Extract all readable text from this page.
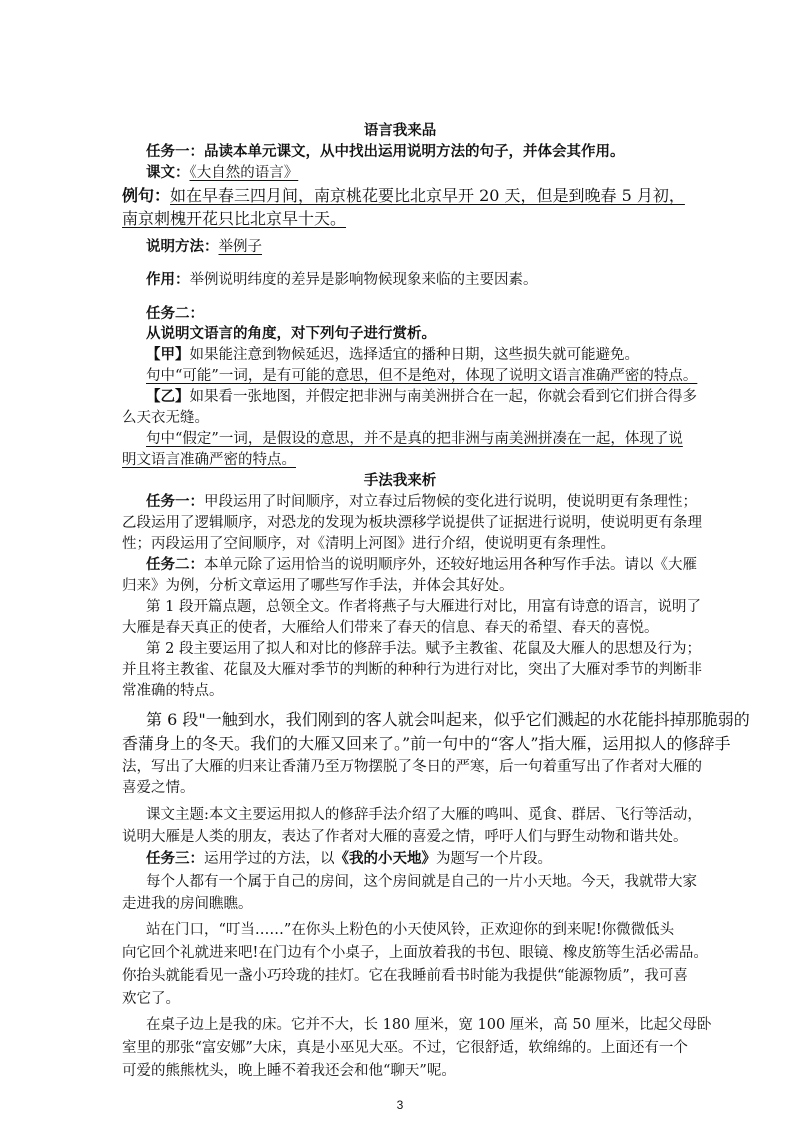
语言我来品
任务一：品读本单元课文，从中找出运用说明方法的句子，并体会其作用。
课文：《大自然的语言》
例句：如在早春三四月间，南京桃花要比北京早开 20 天，但是到晚春 5 月初，
南京刺槐开花只比北京早十天。
说明方法：举例子
作用：举例说明纬度的差异是影响物候现象来临的主要因素。
任务二：
从说明文语言的角度，对下列句子进行赏析。
【甲】如果能注意到物候延迟，选择适宜的播种日期，这些损失就可能避免。
句中“可能”一词，是有可能的意思，但不是绝对，体现了说明文语言准确严密的特点。
【乙】如果看一张地图，并假定把非洲与南美洲拼合在一起，你就会看到它们拼合得多
么天衣无缝。
句中“假定”一词，是假设的意思，并不是真的把非洲与南美洲拼凑在一起，体现了说
明文语言准确严密的特点。
手法我来析
任务一：甲段运用了时间顺序，对立春过后物候的变化进行说明，使说明更有条理性；
乙段运用了逻辑顺序，对恐龙的发现为板块漂移学说提供了证据进行说明，使说明更有条理
性；丙段运用了空间顺序，对《清明上河图》进行介绍，使说明更有条理性。
任务二：本单元除了运用恰当的说明顺序外，还较好地运用各种写作手法。请以《大雁
归来》为例，分析文章运用了哪些写作手法，并体会其好处。
第 1 段开篇点题，总领全文。作者将燕子与大雁进行对比，用富有诗意的语言，说明了
大雁是春天真正的使者，大雁给人们带来了春天的信息、春天的希望、春天的喜悦。
第 2 段主要运用了拟人和对比的修辞手法。赋予主教雀、花鼠及大雁人的思想及行为；
并且将主教雀、花鼠及大雁对季节的判断的种种行为进行对比，突出了大雁对季节的判断非
常准确的特点。
第 6 段"一触到水，我们刚到的客人就会叫起来，似乎它们溅起的水花能抖掉那脆弱的
香蒲身上的冬天。我们的大雁又回来了。”前一句中的“客人”指大雁，运用拟人的修辞手
法，写出了大雁的归来让香蒲乃至万物摆脱了冬日的严寒，后一句着重写出了作者对大雁的
喜爱之情。
课文主题:本文主要运用拟人的修辞手法介绍了大雁的鸣叫、觅食、群居、飞行等活动，
说明大雁是人类的朋友，表达了作者对大雁的喜爱之情，呼吁人们与野生动物和谐共处。
任务三：运用学过的方法，以《我的小天地》为题写一个片段。
每个人都有一个属于自己的房间，这个房间就是自己的一片小天地。今天，我就带大家
走进我的房间瞧瞧。
站在门口，“叮当……”在你头上粉色的小天使风铃，正欢迎你的到来呢!你微微低头
向它回个礼就进来吧!在门边有个小桌子，上面放着我的书包、眼镜、橡皮筋等生活必需品。
你抬头就能看见一盏小巧玲珑的挂灯。它在我睡前看书时能为我提供“能源物质”，我可喜
欢它了。
在桌子边上是我的床。它并不大，长 180 厘米，宽 100 厘米，高 50 厘米，比起父母卧
室里的那张“富安娜”大床，真是小巫见大巫。不过，它很舒适，软绵绵的。上面还有一个
可爱的熊熊枕头，晚上睡不着我还会和他“聊天”呢。
3
